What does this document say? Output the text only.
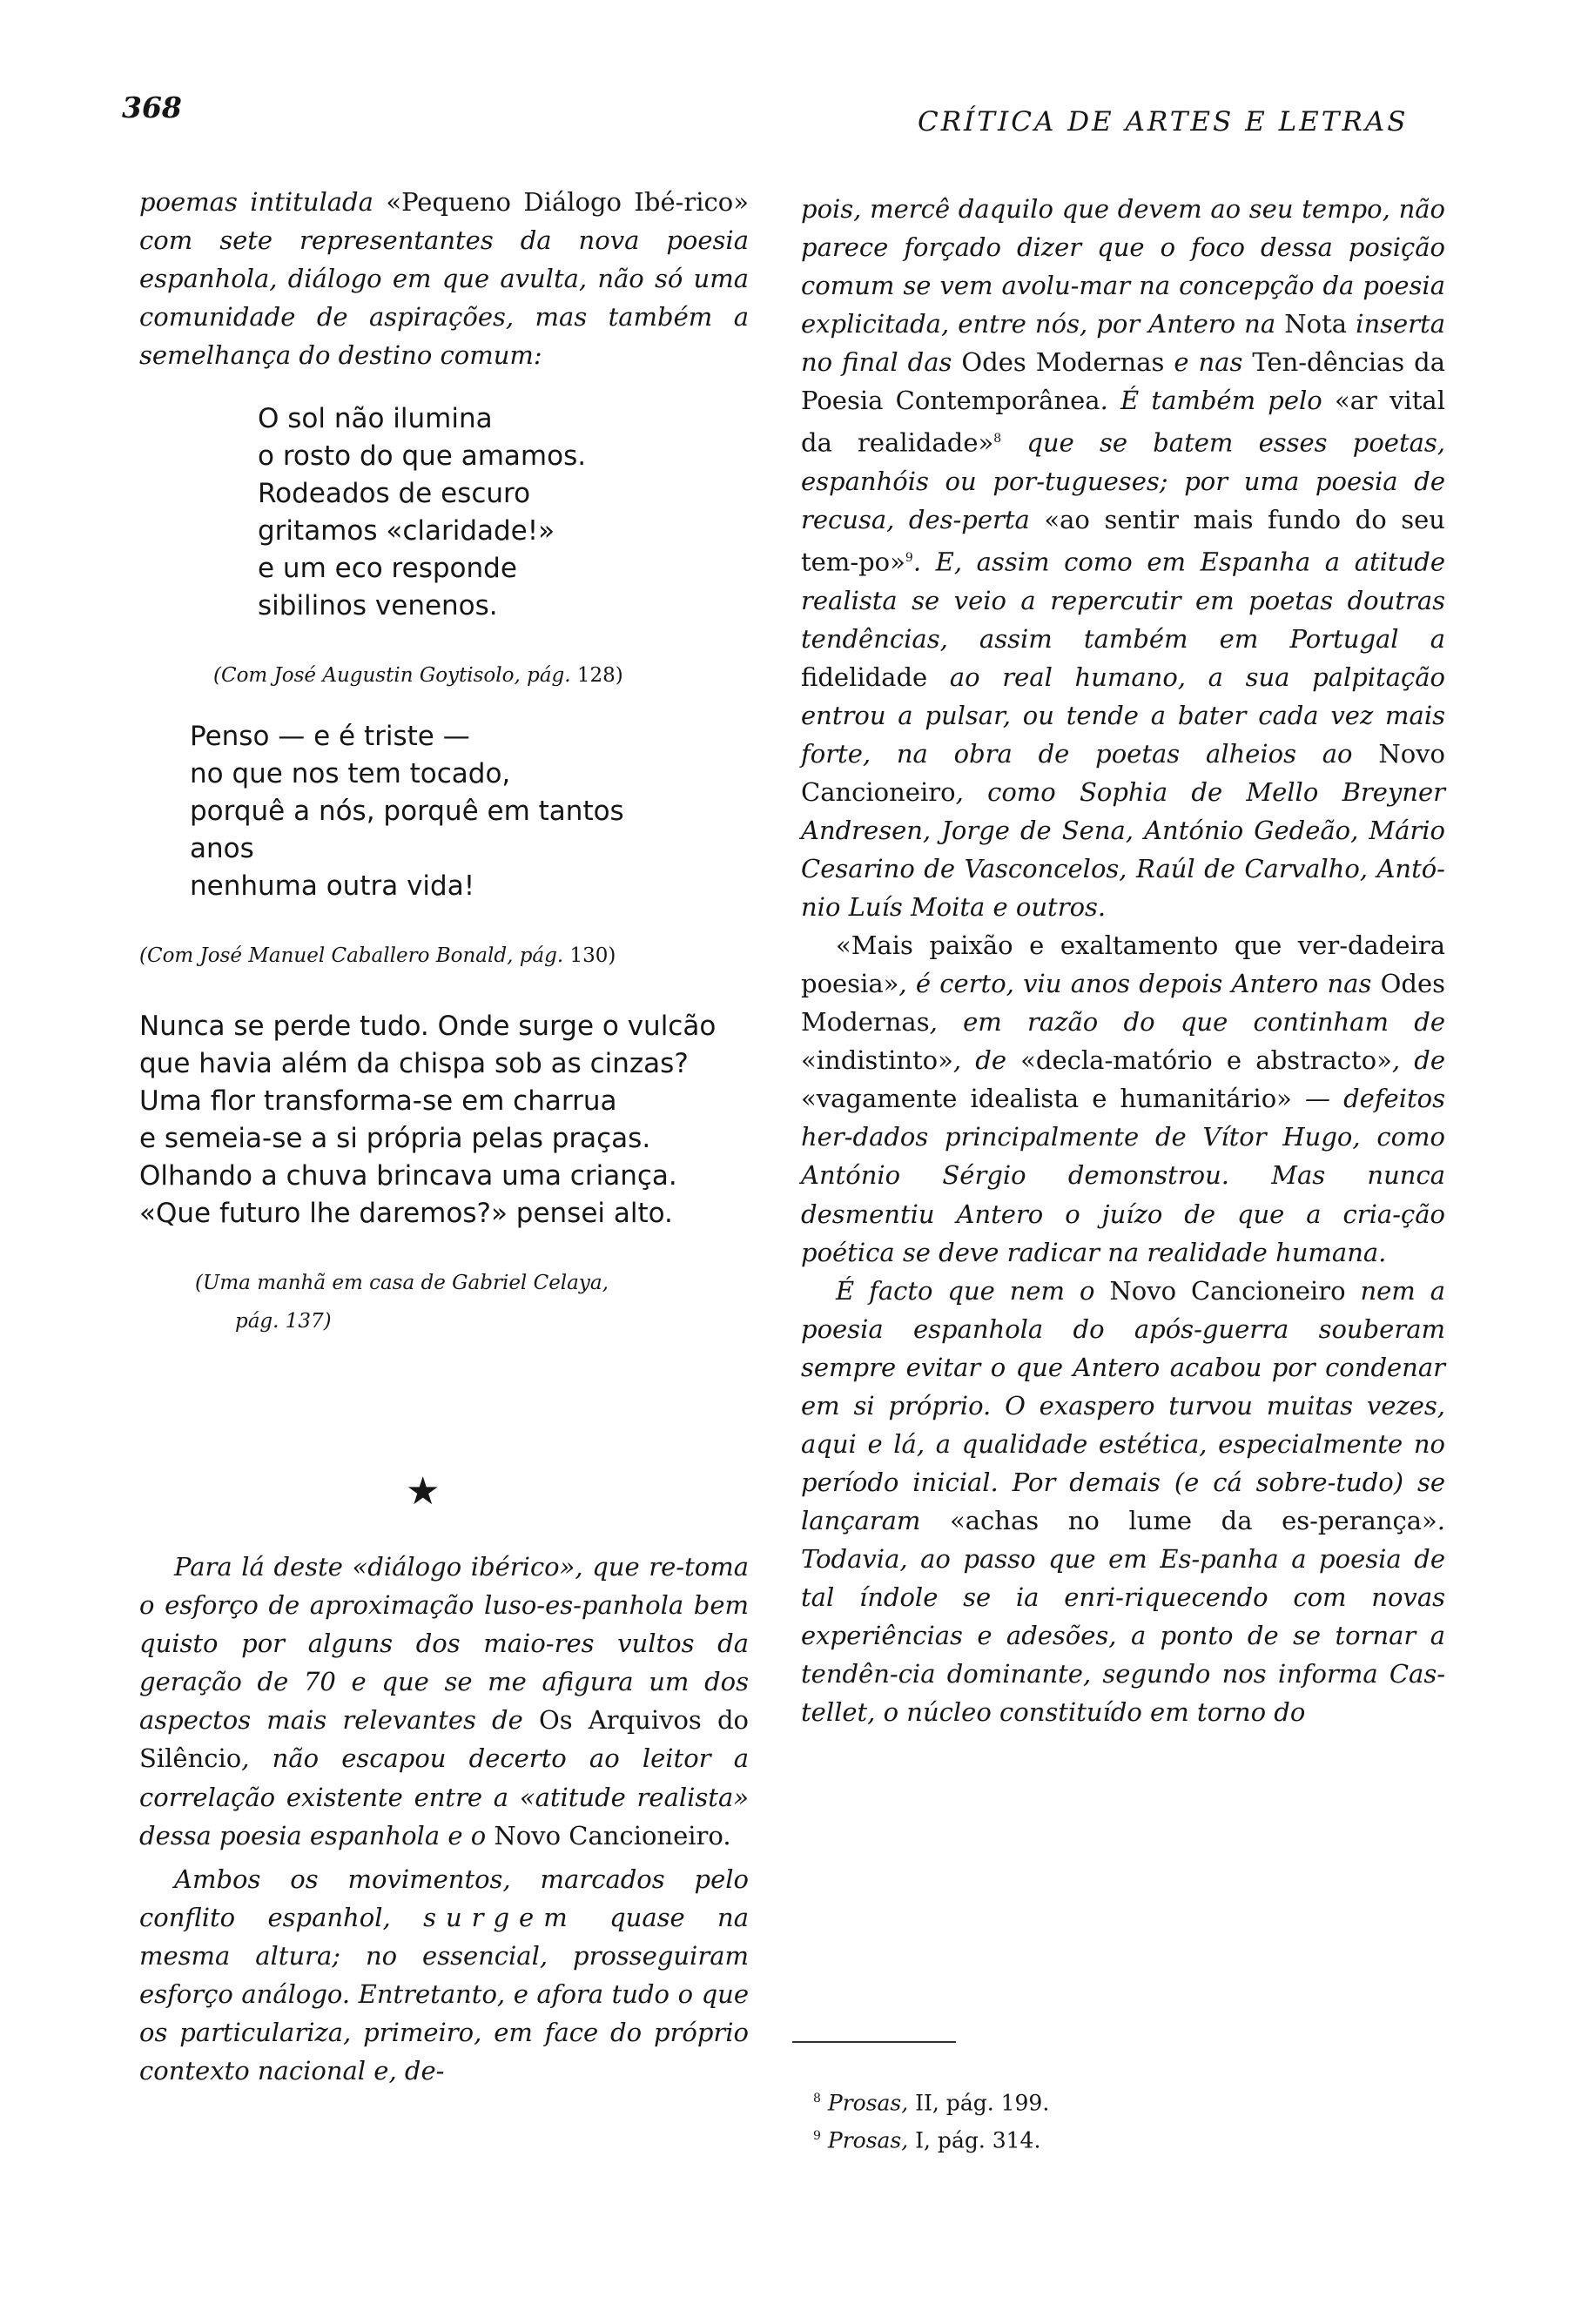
368	CRÍTICA DE ARTES E LETRAS

poemas intitulada «Pequeno Diálogo Ibé-rico» com sete representantes da nova poesia espanhola, diálogo em que avulta, não só uma comunidade de aspirações, mas também a semelhança do destino comum:

O sol não ilumina
o rosto do que amamos.
Rodeados de escuro
gritamos «claridade!»
e um eco responde
sibilinos venenos.

(Com José Augustin Goytisolo, pág. 128)

Penso — e é triste —
no que nos tem tocado,
porquê a nós, porquê em tantos
anos
nenhuma outra vida!

(Com José Manuel Caballero Bonald, pág. 130)

Nunca se perde tudo. Onde surge o vulcão
que havia além da chispa sob as cinzas?
Uma flor transforma-se em charrua
e semeia-se a si própria pelas praças.
Olhando a chuva brincava uma criança.
«Que futuro lhe daremos?» pensei alto.

(Uma manhã em casa de Gabriel Celaya,

pág. 137)

★

Para lá deste «diálogo ibérico», que re-toma o esforço de aproximação luso-es-panhola bem quisto por alguns dos maio-res vultos da geração de 70 e que se me afigura um dos aspectos mais relevantes de Os Arquivos do Silêncio, não escapou decerto ao leitor a correlação existente entre a «atitude realista» dessa poesia espanhola e o Novo Cancioneiro.

Ambos os movimentos, marcados pelo conflito espanhol, surgem quase na mesma altura; no essencial, prosseguiram esforço análogo. Entretanto, e afora tudo o que os particulariza, primeiro, em face do próprio contexto nacional e, de-

pois, mercê daquilo que devem ao seu tempo, não parece forçado dizer que o foco dessa posição comum se vem avolu-mar na concepção da poesia explicitada, entre nós, por Antero na Nota inserta no final das Odes Modernas e nas Ten-dências da Poesia Contemporânea. É também pelo «ar vital da realidade»$^8$ que se batem esses poetas, espanhóis ou por-tugueses; por uma poesia de recusa, des-perta «ao sentir mais fundo do seu tem-po»$^9$. E, assim como em Espanha a atitude realista se veio a repercutir em poetas doutras tendências, assim também em Portugal a fidelidade ao real humano, a sua palpitação entrou a pulsar, ou tende a bater cada vez mais forte, na obra de poetas alheios ao Novo Cancioneiro, como Sophia de Mello Breyner Andresen, Jorge de Sena, António Gedeão, Mário Cesarino de Vasconcelos, Raúl de Carvalho, Antó-nio Luís Moita e outros.

«Mais paixão e exaltamento que ver-dadeira poesia», é certo, viu anos depois Antero nas Odes Modernas, em razão do que continham de «indistinto», de «decla-matório e abstracto», de «vagamente idealista e humanitário» — defeitos her-dados principalmente de Vítor Hugo, como António Sérgio demonstrou. Mas nunca desmentiu Antero o juízo de que a cria-ção poética se deve radicar na realidade humana.

É facto que nem o Novo Cancioneiro nem a poesia espanhola do após-guerra souberam sempre evitar o que Antero acabou por condenar em si próprio. O exaspero turvou muitas vezes, aqui e lá, a qualidade estética, especialmente no período inicial. Por demais (e cá sobre-tudo) se lançaram «achas no lume da es-perança». Todavia, ao passo que em Es-panha a poesia de tal índole se ia enri-riquecendo com novas experiências e adesões, a ponto de se tornar a tendên-cia dominante, segundo nos informa Cas-tellet, o núcleo constituído em torno do

$^8$ Prosas, II, pág. 199.
$^9$ Prosas, I, pág. 314.
